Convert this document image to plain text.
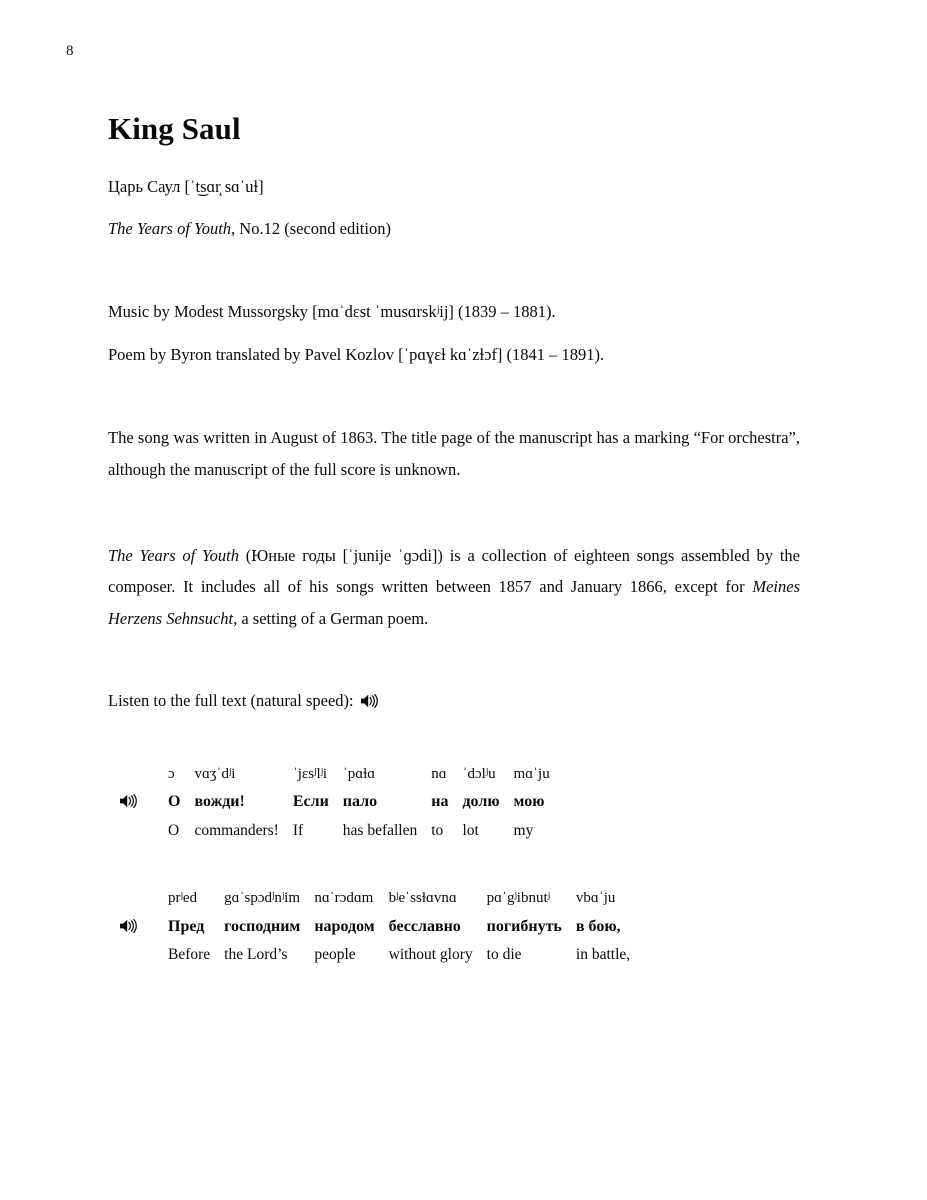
8
King Saul
Царь Саул [ˈt͜sɑr̝ sɑˈuɫ]
The Years of Youth, No.12 (second edition)
Music by Modest Mussorgsky [mɑˈdɛst ˈmusɑrskʲij] (1839 – 1881).
Poem by Byron translated by Pavel Kozlov [ˈpɑɣɛɫ kɑˈzɫɔf] (1841 – 1891).

The song was written in August of 1863. The title page of the manuscript has a marking “For orchestra”, although the manuscript of the full score is unknown.

The Years of Youth (Юные годы [ˈjunije ˈɡɔdi]) is a collection of eighteen songs assembled by the composer. It includes all of his songs written between 1857 and January 1866, except for Meines Herzens Sehnsucht, a setting of a German poem.

Listen to the full text (natural speed):
	ɔ	vɑʒˈdʲi	ˈjɛsʲlʲi	ˈpɑɫɑ	nɑ	ˈdɔlʲu	mɑˈju

	О	вожди!	Если	пало	на	долю	мою
	O	commanders!	If	has befallen	to	lot	my
	prʲed	gɑˈspɔdʲnʲim	nɑˈrɔdɑm	bʲeˈssɫɑvnɑ	pɑˈgʲibnutʲ	vbɑˈju

	Пред	господним	народом	бесславно	погибнуть	в бою,
	Before	the Lord’s	people	without glory	to die	in battle,
